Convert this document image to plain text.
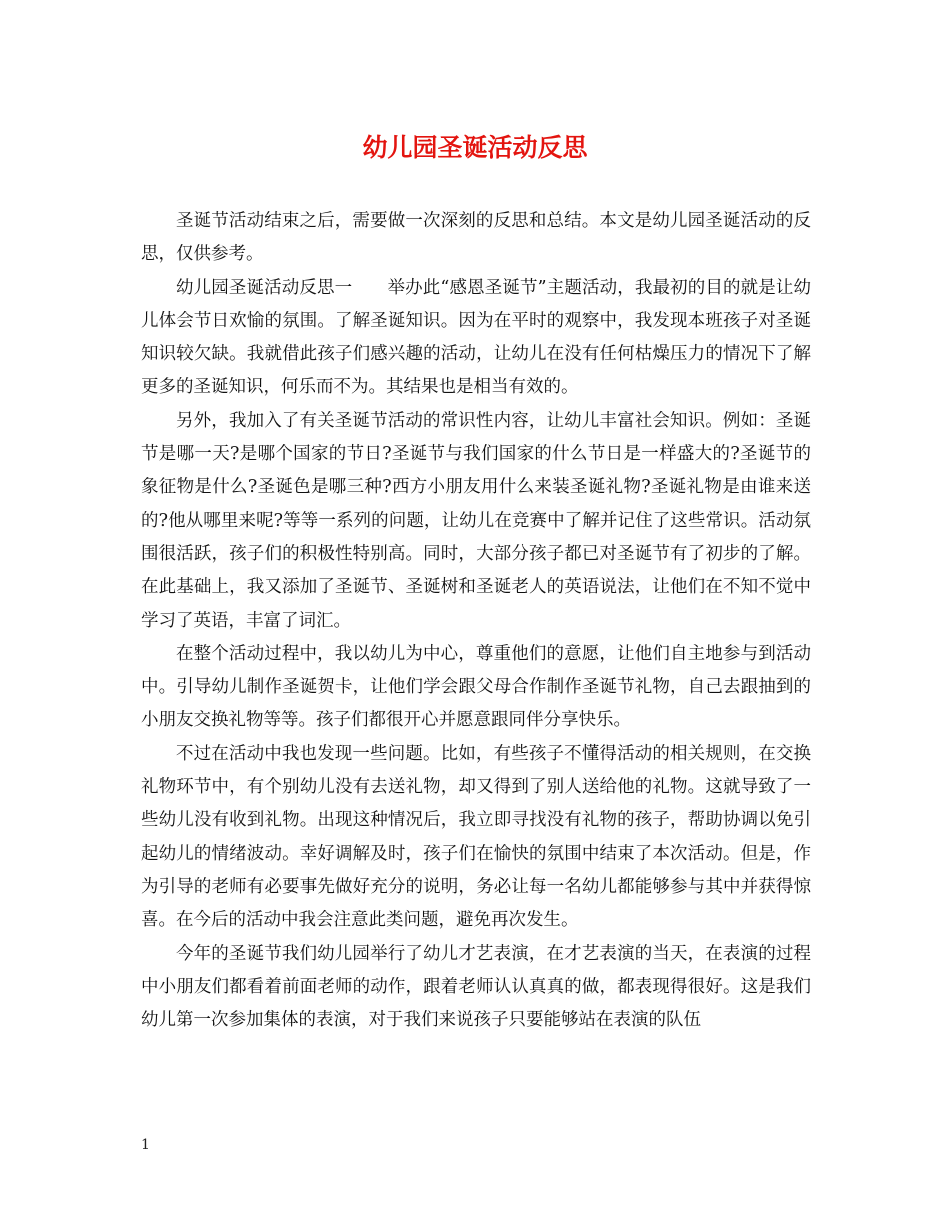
幼儿园圣诞活动反思

圣诞节活动结束之后，需要做一次深刻的反思和总结。本文是幼儿园圣诞活动的反思，仅供参考。

幼儿园圣诞活动反思一　　举办此“感恩圣诞节”主题活动，我最初的目的就是让幼儿体会节日欢愉的氛围。了解圣诞知识。因为在平时的观察中，我发现本班孩子对圣诞知识较欠缺。我就借此孩子们感兴趣的活动，让幼儿在没有任何枯燥压力的情况下了解更多的圣诞知识，何乐而不为。其结果也是相当有效的。

另外，我加入了有关圣诞节活动的常识性内容，让幼儿丰富社会知识。例如：圣诞节是哪一天?是哪个国家的节日?圣诞节与我们国家的什么节日是一样盛大的?圣诞节的象征物是什么?圣诞色是哪三种?西方小朋友用什么来装圣诞礼物?圣诞礼物是由谁来送的?他从哪里来呢?等等一系列的问题，让幼儿在竞赛中了解并记住了这些常识。活动氛围很活跃，孩子们的积极性特别高。同时，大部分孩子都已对圣诞节有了初步的了解。在此基础上，我又添加了圣诞节、圣诞树和圣诞老人的英语说法，让他们在不知不觉中学习了英语，丰富了词汇。

在整个活动过程中，我以幼儿为中心，尊重他们的意愿，让他们自主地参与到活动中。引导幼儿制作圣诞贺卡，让他们学会跟父母合作制作圣诞节礼物，自己去跟抽到的小朋友交换礼物等等。孩子们都很开心并愿意跟同伴分享快乐。

不过在活动中我也发现一些问题。比如，有些孩子不懂得活动的相关规则，在交换礼物环节中，有个别幼儿没有去送礼物，却又得到了别人送给他的礼物。这就导致了一些幼儿没有收到礼物。出现这种情况后，我立即寻找没有礼物的孩子，帮助协调以免引起幼儿的情绪波动。幸好调解及时，孩子们在愉快的氛围中结束了本次活动。但是，作为引导的老师有必要事先做好充分的说明，务必让每一名幼儿都能够参与其中并获得惊喜。在今后的活动中我会注意此类问题，避免再次发生。

今年的圣诞节我们幼儿园举行了幼儿才艺表演，在才艺表演的当天，在表演的过程中小朋友们都看着前面老师的动作，跟着老师认认真真的做，都表现得很好。这是我们幼儿第一次参加集体的表演，对于我们来说孩子只要能够站在表演的队伍

1
